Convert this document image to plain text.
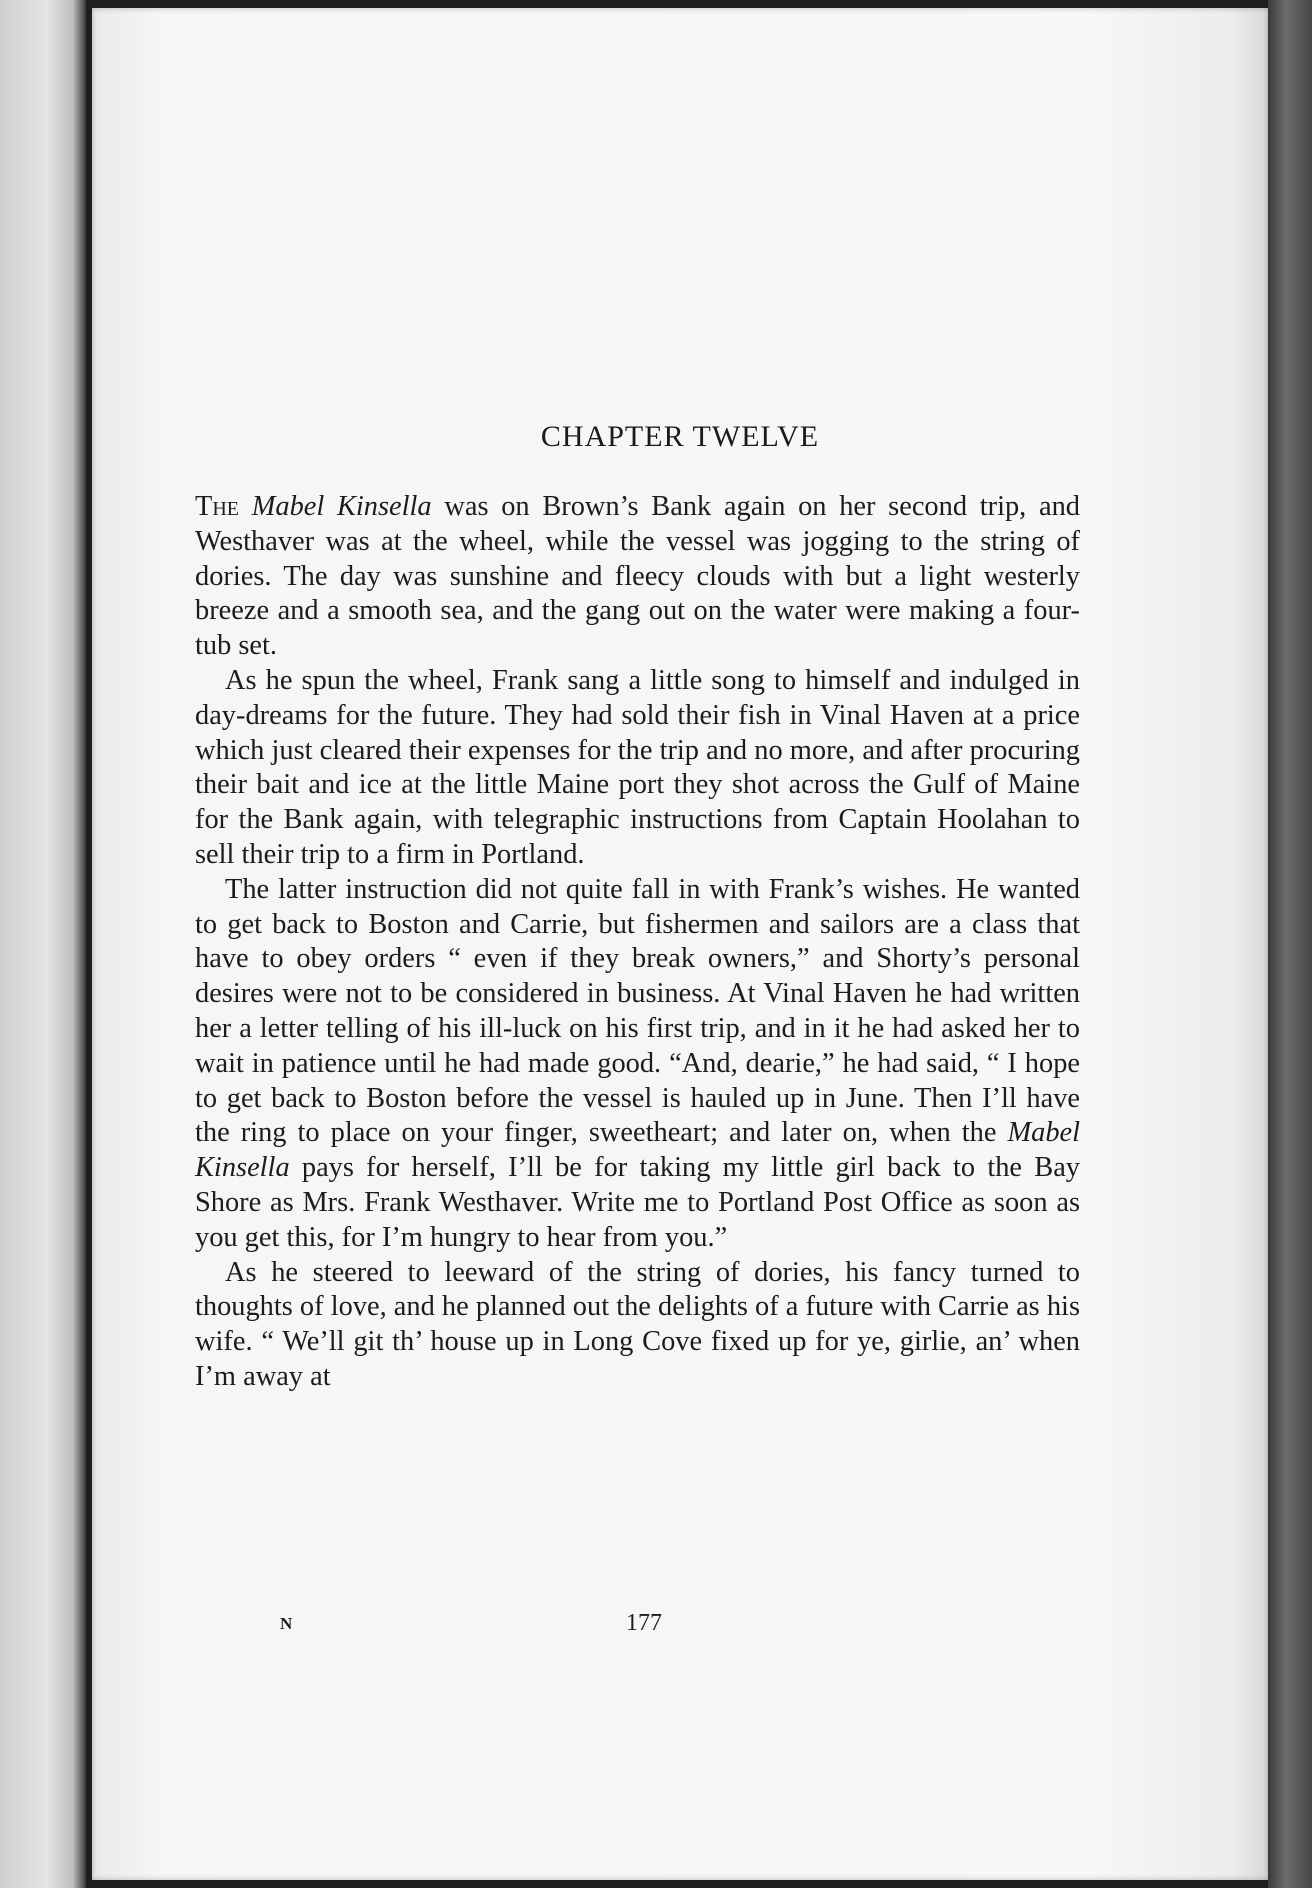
CHAPTER TWELVE

The Mabel Kinsella was on Brown’s Bank again on her second trip, and Westhaver was at the wheel, while the vessel was jogging to the string of dories. The day was sunshine and fleecy clouds with but a light westerly breeze and a smooth sea, and the gang out on the water were making a four-tub set.

As he spun the wheel, Frank sang a little song to himself and indulged in day-dreams for the future. They had sold their fish in Vinal Haven at a price which just cleared their expenses for the trip and no more, and after procuring their bait and ice at the little Maine port they shot across the Gulf of Maine for the Bank again, with telegraphic instructions from Captain Hoolahan to sell their trip to a firm in Portland.

The latter instruction did not quite fall in with Frank’s wishes. He wanted to get back to Boston and Carrie, but fishermen and sailors are a class that have to obey orders “ even if they break owners,” and Shorty’s personal desires were not to be considered in business. At Vinal Haven he had written her a letter telling of his ill-luck on his first trip, and in it he had asked her to wait in patience until he had made good. “And, dearie,” he had said, “ I hope to get back to Boston before the vessel is hauled up in June. Then I’ll have the ring to place on your finger, sweetheart; and later on, when the Mabel Kinsella pays for herself, I’ll be for taking my little girl back to the Bay Shore as Mrs. Frank Westhaver. Write me to Portland Post Office as soon as you get this, for I’m hungry to hear from you.”

As he steered to leeward of the string of dories, his fancy turned to thoughts of love, and he planned out the delights of a future with Carrie as his wife. “ We’ll git th’ house up in Long Cove fixed up for ye, girlie, an’ when I’m away at

N	177
